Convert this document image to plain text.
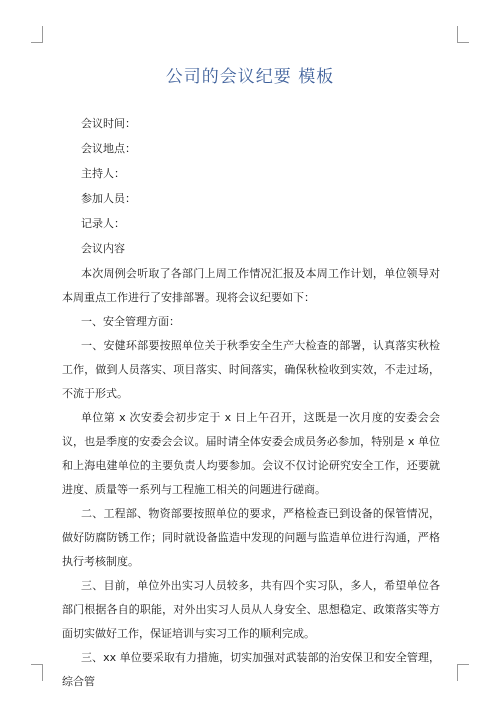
公司的会议纪要 模板
会议时间：
会议地点：
主持人：
参加人员：
记录人：
会议内容

本次周例会听取了各部门上周工作情况汇报及本周工作计划，单位领导对本周重点工作进行了安排部署。现将会议纪要如下：

一、安全管理方面：

一、安健环部要按照单位关于秋季安全生产大检查的部署，认真落实秋检工作，做到人员落实、项目落实、时间落实，确保秋检收到实效，不走过场，不流于形式。

单位第 x 次安委会初步定于 x 日上午召开，这既是一次月度的安委会会议，也是季度的安委会会议。届时请全体安委会成员务必参加，特别是 x 单位和上海电建单位的主要负责人均要参加。会议不仅讨论研究安全工作，还要就进度、质量等一系列与工程施工相关的问题进行磋商。

二、工程部、物资部要按照单位的要求，严格检查已到设备的保管情况，做好防腐防锈工作；同时就设备监造中发现的问题与监造单位进行沟通，严格执行考核制度。

三、目前，单位外出实习人员较多，共有四个实习队，多人，希望单位各部门根据各自的职能，对外出实习人员从人身安全、思想稳定、政策落实等方面切实做好工作，保证培训与实习工作的顺利完成。

三、xx 单位要采取有力措施，切实加强对武装部的治安保卫和安全管理，综合管
